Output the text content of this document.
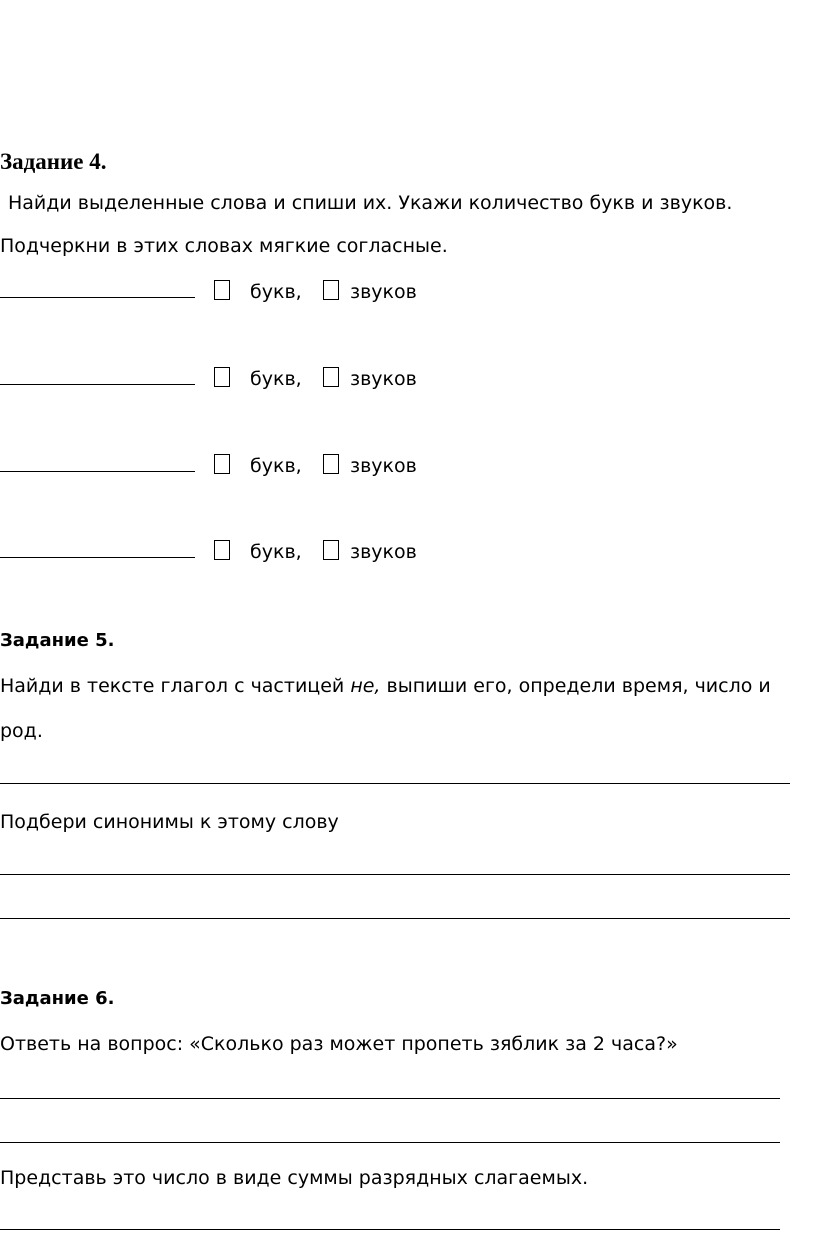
Задание 4.
Найди выделенные слова и спиши их. Укажи количество букв и звуков.
Подчеркни в этих словах мягкие согласные.
букв,	звуков
букв,	звуков
букв,	звуков
букв,	звуков
Задание 5.
Найди в тексте глагол с частицей не, выпиши его, определи время, число и
род.
Подбери синонимы к этому слову
Задание 6.
Ответь на вопрос: «Сколько раз может пропеть зяблик за 2 часа?»
Представь это число в виде суммы разрядных слагаемых.
